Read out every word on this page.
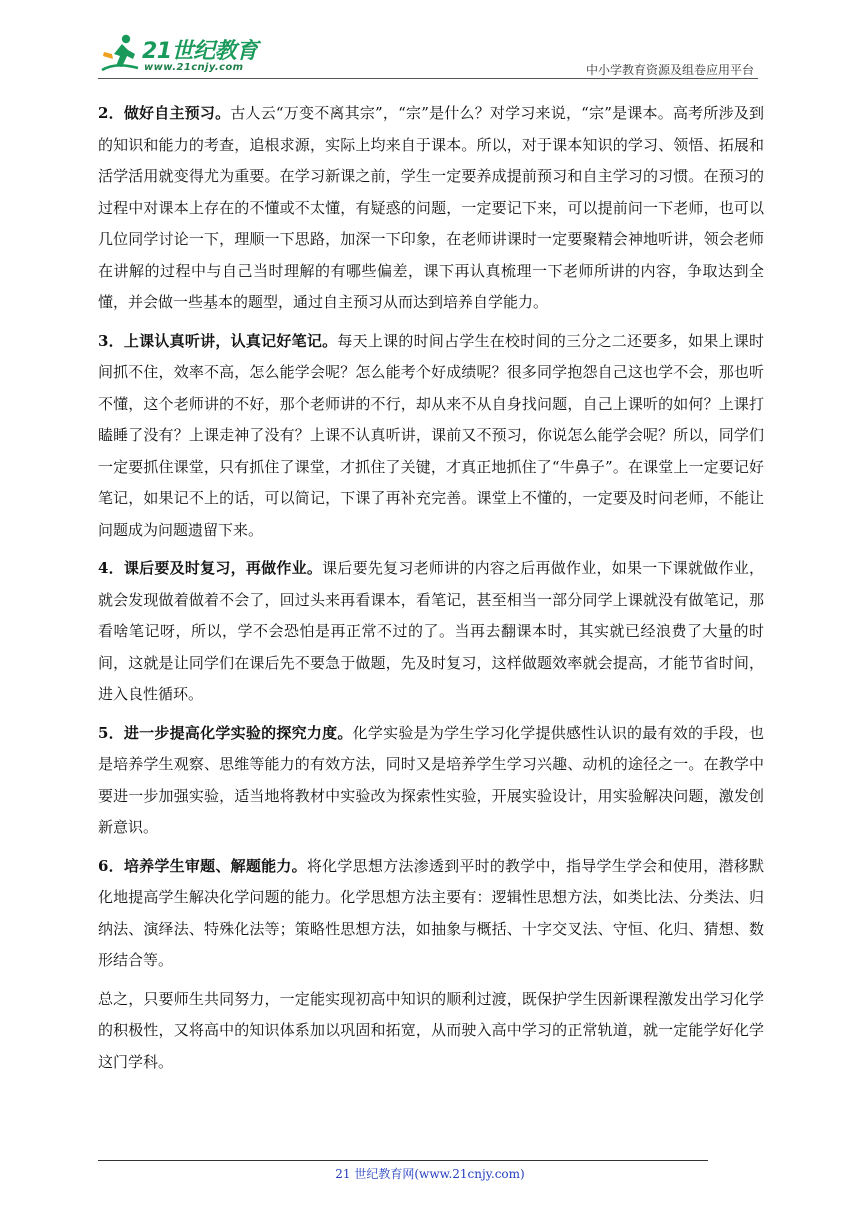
21世纪教育
www.21cnjy.com	中小学教育资源及组卷应用平台

2．做好自主预习。古人云“万变不离其宗”，“宗”是什么？对学习来说，“宗”是课本。高考所涉及到的知识和能力的考查，追根求源，实际上均来自于课本。所以，对于课本知识的学习、领悟、拓展和活学活用就变得尤为重要。在学习新课之前，学生一定要养成提前预习和自主学习的习惯。在预习的过程中对课本上存在的不懂或不太懂，有疑惑的问题，一定要记下来，可以提前问一下老师，也可以几位同学讨论一下，理顺一下思路，加深一下印象，在老师讲课时一定要聚精会神地听讲，领会老师在讲解的过程中与自己当时理解的有哪些偏差，课下再认真梳理一下老师所讲的内容，争取达到全懂，并会做一些基本的题型，通过自主预习从而达到培养自学能力。

3．上课认真听讲，认真记好笔记。每天上课的时间占学生在校时间的三分之二还要多，如果上课时间抓不住，效率不高，怎么能学会呢？怎么能考个好成绩呢？很多同学抱怨自己这也学不会，那也听不懂，这个老师讲的不好，那个老师讲的不行，却从来不从自身找问题，自己上课听的如何？上课打瞌睡了没有？上课走神了没有？上课不认真听讲，课前又不预习，你说怎么能学会呢？所以，同学们一定要抓住课堂，只有抓住了课堂，才抓住了关键，才真正地抓住了“牛鼻子”。在课堂上一定要记好笔记，如果记不上的话，可以简记，下课了再补充完善。课堂上不懂的，一定要及时问老师，不能让问题成为问题遗留下来。

4．课后要及时复习，再做作业。课后要先复习老师讲的内容之后再做作业，如果一下课就做作业，就会发现做着做着不会了，回过头来再看课本，看笔记，甚至相当一部分同学上课就没有做笔记，那看啥笔记呀，所以，学不会恐怕是再正常不过的了。当再去翻课本时，其实就已经浪费了大量的时间，这就是让同学们在课后先不要急于做题，先及时复习，这样做题效率就会提高，才能节省时间，进入良性循环。

5．进一步提高化学实验的探究力度。化学实验是为学生学习化学提供感性认识的最有效的手段，也是培养学生观察、思维等能力的有效方法，同时又是培养学生学习兴趣、动机的途径之一。在教学中要进一步加强实验，适当地将教材中实验改为探索性实验，开展实验设计，用实验解决问题，激发创新意识。

6．培养学生审题、解题能力。将化学思想方法渗透到平时的教学中，指导学生学会和使用，潜移默化地提高学生解决化学问题的能力。化学思想方法主要有：逻辑性思想方法，如类比法、分类法、归纳法、演绎法、特殊化法等；策略性思想方法，如抽象与概括、十字交叉法、守恒、化归、猜想、数形结合等。

总之，只要师生共同努力，一定能实现初高中知识的顺利过渡，既保护学生因新课程激发出学习化学的积极性，又将高中的知识体系加以巩固和拓宽，从而驶入高中学习的正常轨道，就一定能学好化学这门学科。

21 世纪教育网(www.21cnjy.com)
